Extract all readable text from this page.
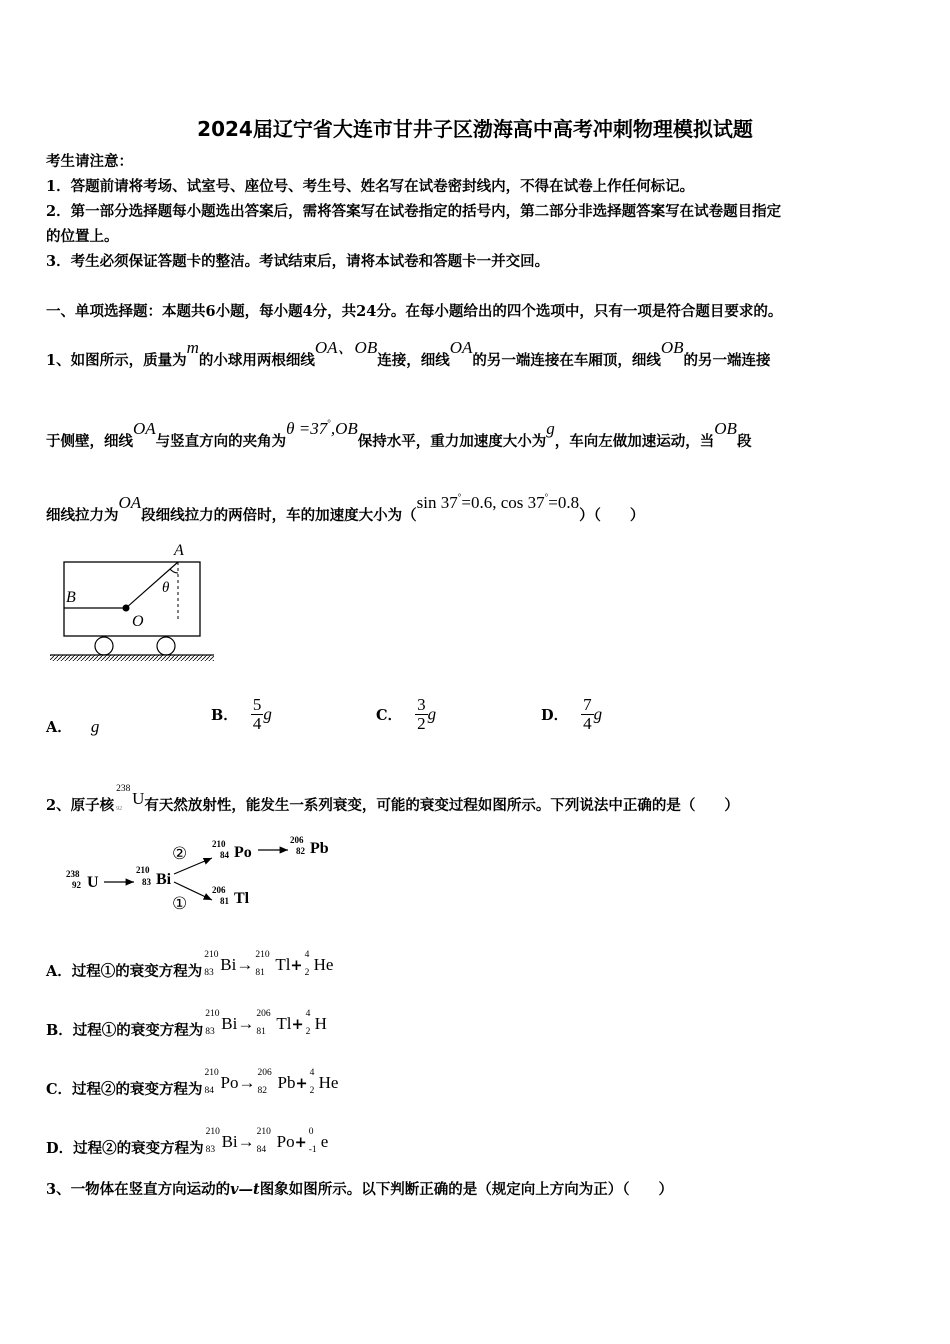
2024届辽宁省大连市甘井子区渤海高中高考冲刺物理模拟试题
考生请注意：
1．答题前请将考场、试室号、座位号、考生号、姓名写在试卷密封线内，不得在试卷上作任何标记。
2．第一部分选择题每小题选出答案后，需将答案写在试卷指定的括号内，第二部分非选择题答案写在试卷题目指定
的位置上。
3．考生必须保证答题卡的整洁。考试结束后，请将本试卷和答题卡一并交回。
一、单项选择题：本题共6小题，每小题4分，共24分。在每小题给出的四个选项中，只有一项是符合题目要求的。
1、如图所示，质量为m的小球用两根细线OA、OB连接，细线OA的另一端连接在车厢顶，细线OB的另一端连接
于侧壁，细线OA与竖直方向的夹角为θ =37°,OB保持水平，重力加速度大小为g，车向左做加速运动，当OB段
细线拉力为OA段细线拉力的两倍时，车的加速度大小为（sin 37°=0.6, cos 37°=0.8）（　　）
A
B
O
θ
A． g
B． $\frac{5}{4}$ g	C． $\frac{3}{2}$ g	D． $\frac{7}{4}$ g
2、原子核
238
92
U有天然放射性，能发生一系列衰变，可能的衰变过程如图所示。下列说法中正确的是（　　）
238
92 U
210
83 Bi
210
84 Po
206
82 Pb
206
81 Tl
②
①
A．过程①的衰变方程为
210
83 Bi→ 210
81 Tl+
4
2 He
B．过程①的衰变方程为
210
83 Bi→ 206
81 Tl+
4
2 H
C．过程②的衰变方程为
210
84 Po→ 206
82 Pb+
4
2 He
D．过程②的衰变方程为
210
83 Bi→ 210
84 Po+
0
-1 e
3、一物体在竖直方向运动的v—t图象如图所示。以下判断正确的是（规定向上方向为正）（　　）
